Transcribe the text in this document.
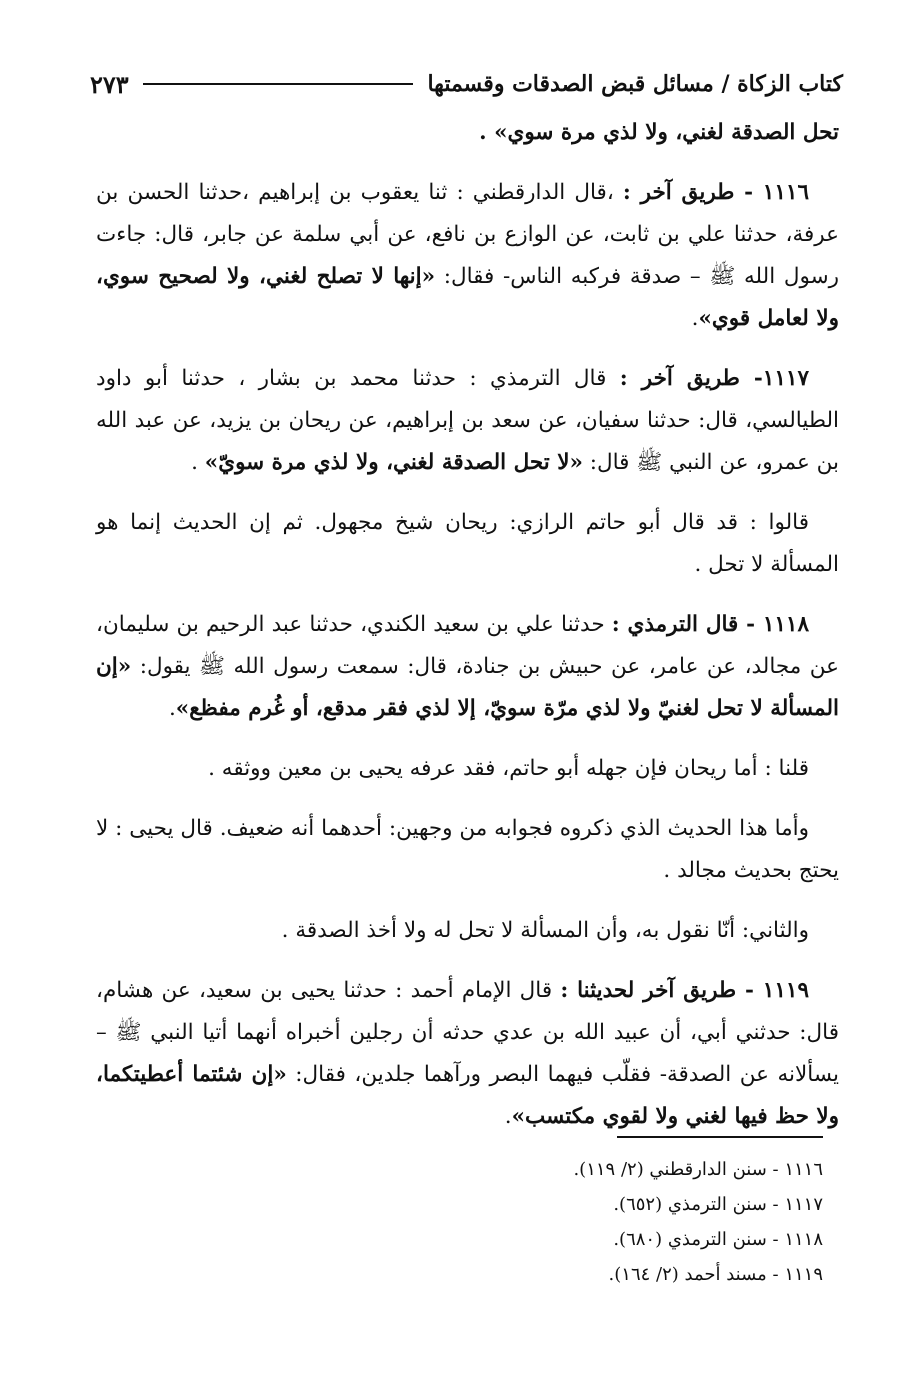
كتاب الزكاة / مسائل قبض الصدقات وقسمتها
٢٧٣

تحل الصدقة لغني، ولا لذي مرة سوي» .

١١١٦ - طريق آخر : ،قال الدارقطني : ثنا يعقوب بن إبراهيم ،حدثنا الحسن بن عرفة، حدثنا علي بن ثابت، عن الوازع بن نافع، عن أبي سلمة عن جابر، قال: جاءت رسول الله ﷺ – صدقة فركبه الناس- فقال: «إنها لا تصلح لغني، ولا لصحيح سوي، ولا لعامل قوي».

١١١٧- طريق آخر : قال الترمذي : حدثنا محمد بن بشار ، حدثنا أبو داود الطيالسي، قال: حدثنا سفيان، عن سعد بن إبراهيم، عن ريحان بن يزيد، عن عبد الله بن عمرو، عن النبي ﷺ قال: «لا تحل الصدقة لغني، ولا لذي مرة سويّ» .

قالوا : قد قال أبو حاتم الرازي: ريحان شيخ مجهول. ثم إن الحديث إنما هو المسألة لا تحل .

١١١٨ - قال الترمذي : حدثنا علي بن سعيد الكندي، حدثنا عبد الرحيم بن سليمان، عن مجالد، عن عامر، عن حبيش بن جنادة، قال: سمعت رسول الله ﷺ يقول: «إن المسألة لا تحل لغنيّ ولا لذي مرّة سويّ، إلا لذي فقر مدقع، أو غُرم مفظع».

قلنا : أما ريحان فإن جهله أبو حاتم، فقد عرفه يحيى بن معين ووثقه .

وأما هذا الحديث الذي ذكروه فجوابه من وجهين: أحدهما أنه ضعيف. قال يحيى : لا يحتج بحديث مجالد .

والثاني: أنّا نقول به، وأن المسألة لا تحل له ولا أخذ الصدقة .

١١١٩ - طريق آخر لحديثنا : قال الإمام أحمد : حدثنا يحيى بن سعيد، عن هشام، قال: حدثني أبي، أن عبيد الله بن عدي حدثه أن رجلين أخبراه أنهما أتيا النبي ﷺ – يسألانه عن الصدقة- فقلّب فيهما البصر ورآهما جلدين، فقال: «إن شئتما أعطيتكما، ولا حظ فيها لغني ولا لقوي مكتسب».

١١١٦ - سنن الدارقطني (٢/ ١١٩).
١١١٧ - سنن الترمذي (٦٥٢).
١١١٨ - سنن الترمذي (٦٨٠).
١١١٩ - مسند أحمد (٢/ ١٦٤).
